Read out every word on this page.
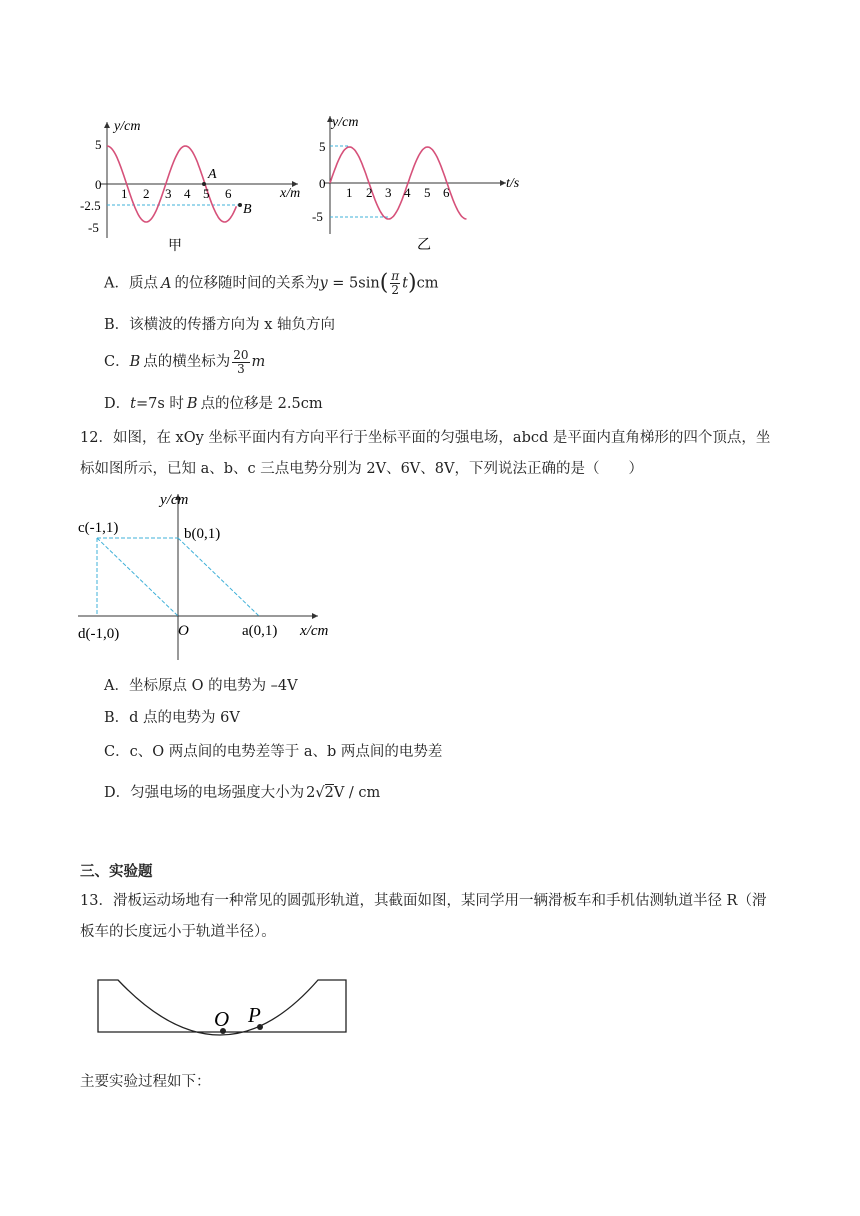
y/cm
x/m
5
0
-2.5
-5
1 2 3 4 5 6
A
B
甲
y/cm
t/s
5
0
-5
1 2 3 4 5 6
乙
A．质点 A 的位移随时间的关系为$y = 5\sin( \frac{\pi}{2} t)cm$
B．该横波的传播方向为 x 轴负方向
C．B 点的横坐标为 $\frac{20}{3}$ m
D．t=7s 时 B 点的位移是 2.5cm
12．如图，在 xOy 坐标平面内有方向平行于坐标平面的匀强电场，abcd 是平面内直角梯形的四个顶点，坐
标如图所示，已知 a、b、c 三点电势分别为 2V、6V、8V，下列说法正确的是（　　）
y/cm
x/cm
c(-1,1)	b(0,1)
d(-1,0)	O	a(0,1)
A．坐标原点 O 的电势为 –4V
B．d 点的电势为 6V
C．c、O 两点间的电势差等于 a、b 两点间的电势差
D．匀强电场的电场强度大小为 2√2V / cm
三、实验题
13．滑板运动场地有一种常见的圆弧形轨道，其截面如图，某同学用一辆滑板车和手机估测轨道半径 R（滑
板车的长度远小于轨道半径）。
O P
主要实验过程如下：
